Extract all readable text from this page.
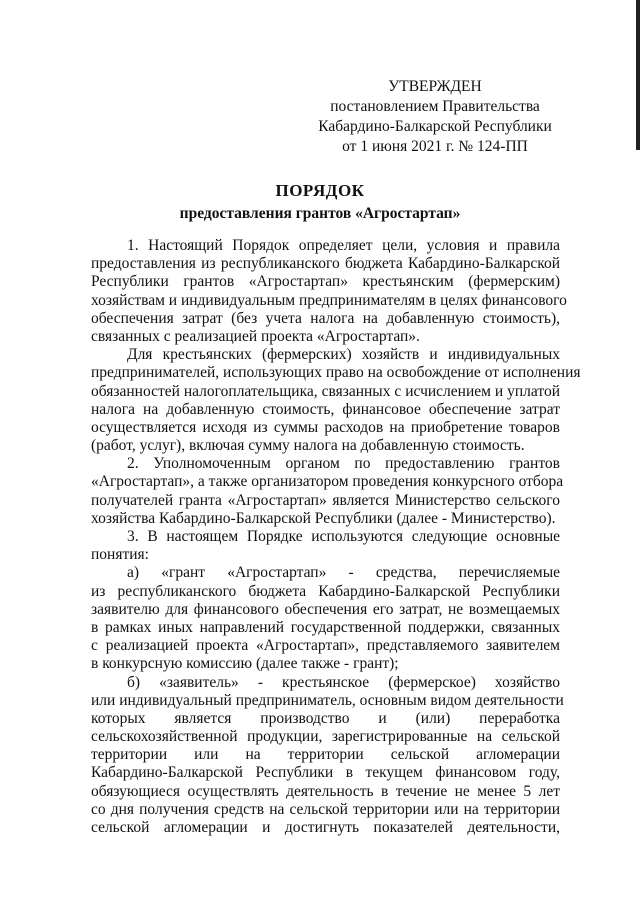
УТВЕРЖДЕН
постановлением Правительства
Кабардино-Балкарской Республики
от 1 июня 2021 г. № 124-ПП
ПОРЯДОК
предоставления грантов «Агростартап»
1. Настоящий Порядок определяет цели, условия и правила
предоставления из республиканского бюджета Кабардино-Балкарской
Республики грантов «Агростартап» крестьянским (фермерским)
хозяйствам и индивидуальным предпринимателям в целях финансового
обеспечения затрат (без учета налога на добавленную стоимость),
связанных с реализацией проекта «Агростартап».
Для крестьянских (фермерских) хозяйств и индивидуальных
предпринимателей, использующих право на освобождение от исполнения
обязанностей налогоплательщика, связанных с исчислением и уплатой
налога на добавленную стоимость, финансовое обеспечение затрат
осуществляется исходя из суммы расходов на приобретение товаров
(работ, услуг), включая сумму налога на добавленную стоимость.
2. Уполномоченным органом по предоставлению грантов
«Агростартап», а также организатором проведения конкурсного отбора
получателей гранта «Агростартап» является Министерство сельского
хозяйства Кабардино-Балкарской Республики (далее - Министерство).
3. В настоящем Порядке используются следующие основные
понятия:
а) «грант «Агростартап» - средства, перечисляемые
из республиканского бюджета Кабардино-Балкарской Республики
заявителю для финансового обеспечения его затрат, не возмещаемых
в рамках иных направлений государственной поддержки, связанных
с реализацией проекта «Агростартап», представляемого заявителем
в конкурсную комиссию (далее также - грант);
б) «заявитель» - крестьянское (фермерское) хозяйство
или индивидуальный предприниматель, основным видом деятельности
которых является производство и (или) переработка
сельскохозяйственной продукции, зарегистрированные на сельской
территории или на территории сельской агломерации
Кабардино-Балкарской Республики в текущем финансовом году,
обязующиеся осуществлять деятельность в течение не менее 5 лет
со дня получения средств на сельской территории или на территории
сельской агломерации и достигнуть показателей деятельности,
